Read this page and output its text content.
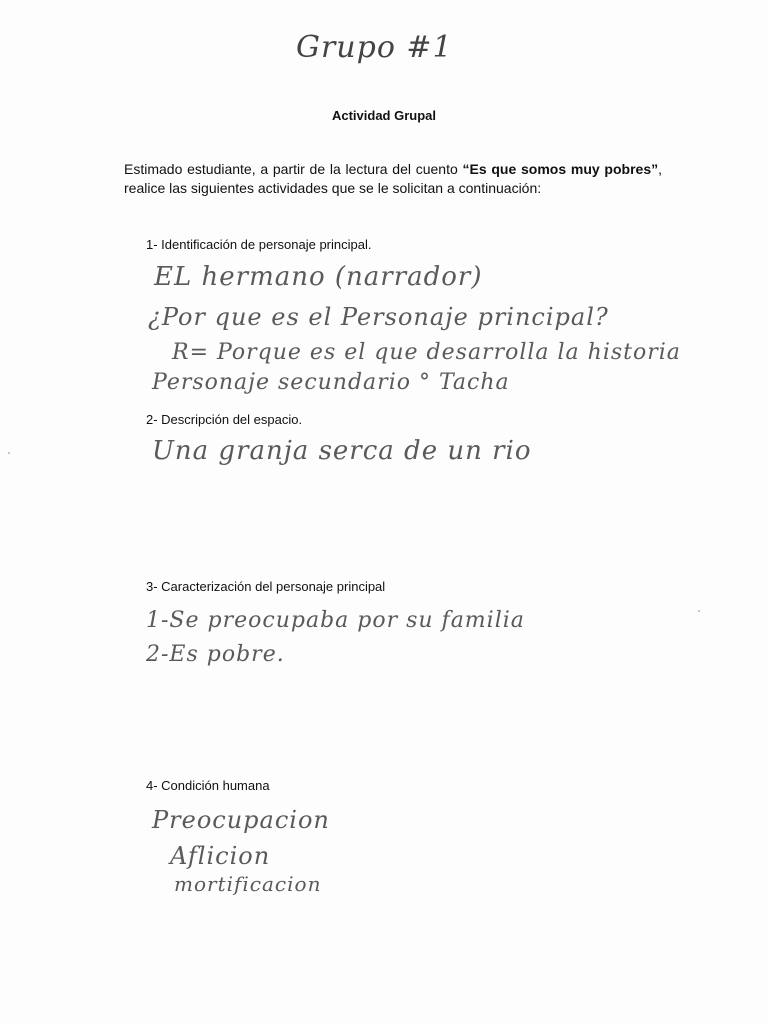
Grupo #1
Actividad Grupal
Estimado estudiante, a partir de la lectura del cuento “Es que somos muy pobres”, realice las siguientes actividades que se le solicitan a continuación:
1- Identificación de personaje principal.
EL hermano (narrador)
¿Por que es el Personaje principal?
R= Porque es el que desarrolla la historia
Personaje secundario ° Tacha
2- Descripción del espacio.
Una granja serca de un rio
3- Caracterización del personaje principal
1-Se preocupaba por su familia
2-Es pobre.
4- Condición humana
Preocupacion
Aflicion
mortificacion
